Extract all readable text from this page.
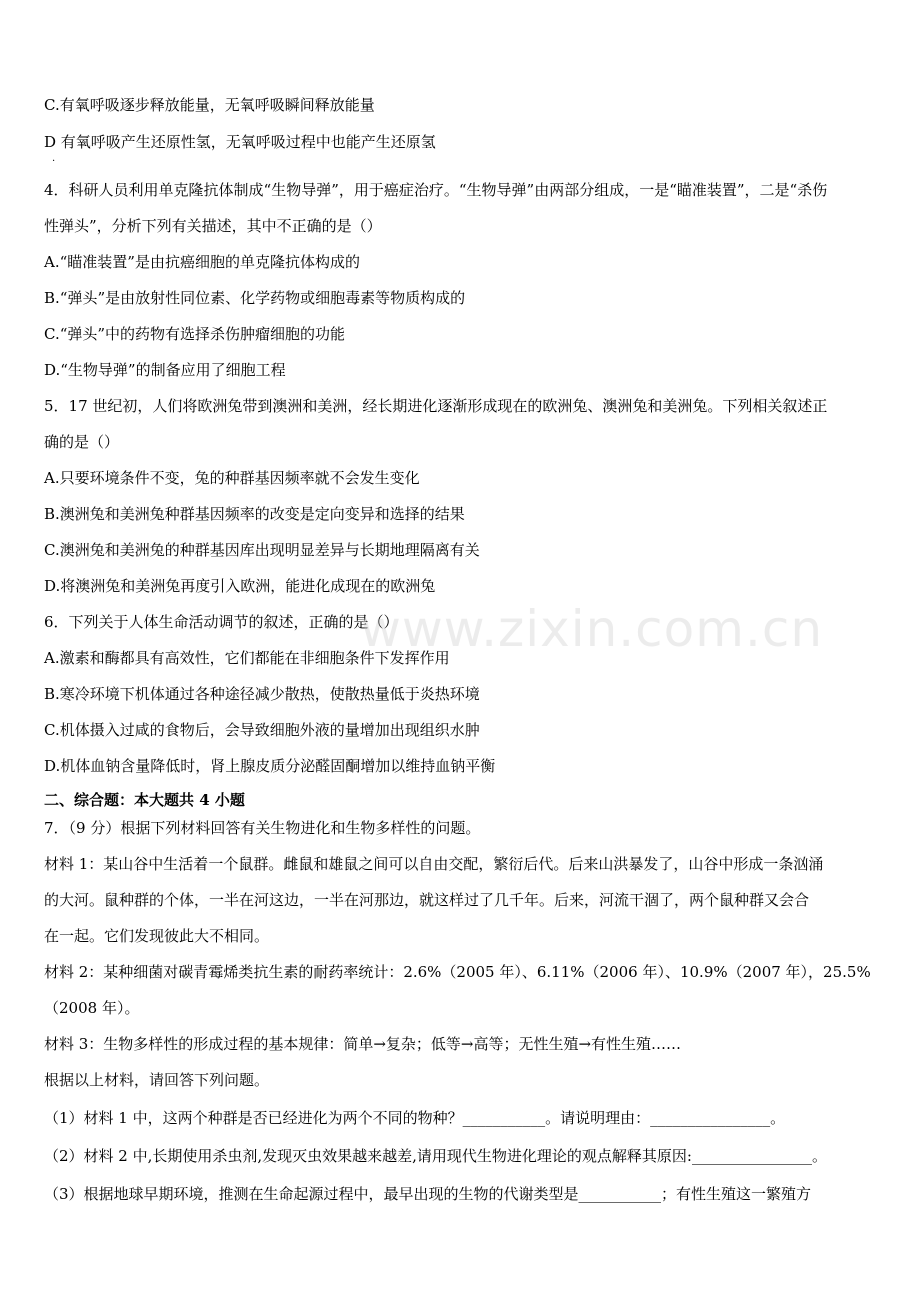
C.有氧呼吸逐步释放能量，无氧呼吸瞬间释放能量
D 有氧呼吸产生还原性氢，无氧呼吸过程中也能产生还原氢
.
4．科研人员利用单克隆抗体制成“生物导弹”，用于癌症治疗。“生物导弹”由两部分组成，一是“瞄准装置”，二是“杀伤
性弹头”，分析下列有关描述，其中不正确的是（）
A.“瞄准装置”是由抗癌细胞的单克隆抗体构成的
B.“弹头”是由放射性同位素、化学药物或细胞毒素等物质构成的
C.“弹头”中的药物有选择杀伤肿瘤细胞的功能
D.“生物导弹”的制备应用了细胞工程
5．17 世纪初，人们将欧洲兔带到澳洲和美洲，经长期进化逐渐形成现在的欧洲兔、澳洲兔和美洲兔。下列相关叙述正
确的是（）
A.只要环境条件不变，兔的种群基因频率就不会发生变化
B.澳洲兔和美洲兔种群基因频率的改变是定向变异和选择的结果
C.澳洲兔和美洲兔的种群基因库出现明显差异与长期地理隔离有关
D.将澳洲兔和美洲兔再度引入欧洲，能进化成现在的欧洲兔
6．下列关于人体生命活动调节的叙述，正确的是（）
A.激素和酶都具有高效性，它们都能在非细胞条件下发挥作用
B.寒冷环境下机体通过各种途径减少散热，使散热量低于炎热环境
C.机体摄入过咸的食物后，会导致细胞外液的量增加出现组织水肿
D.机体血钠含量降低时，肾上腺皮质分泌醛固酮增加以维持血钠平衡
二、综合题：本大题共 4 小题
7．（9 分）根据下列材料回答有关生物进化和生物多样性的问题。
材料 1：某山谷中生活着一个鼠群。雌鼠和雄鼠之间可以自由交配，繁衍后代。后来山洪暴发了，山谷中形成一条汹涌
的大河。鼠种群的个体，一半在河这边，一半在河那边，就这样过了几千年。后来，河流干涸了，两个鼠种群又会合
在一起。它们发现彼此大不相同。
材料 2：某种细菌对碳青霉烯类抗生素的耐药率统计：2.6%（2005 年）、6.11%（2006 年）、10.9%（2007 年），25.5%
（2008 年）。
材料 3：生物多样性的形成过程的基本规律：简单→复杂；低等→高等；无性生殖→有性生殖……
根据以上材料，请回答下列问题。
（1）材料 1 中，这两个种群是否已经进化为两个不同的物种？___________。请说明理由：________________。
（2）材料 2 中,长期使用杀虫剂,发现灭虫效果越来越差,请用现代生物进化理论的观点解释其原因:________________。
（3）根据地球早期环境，推测在生命起源过程中，最早出现的生物的代谢类型是___________；有性生殖这一繁殖方
www.zixin.com.cn
